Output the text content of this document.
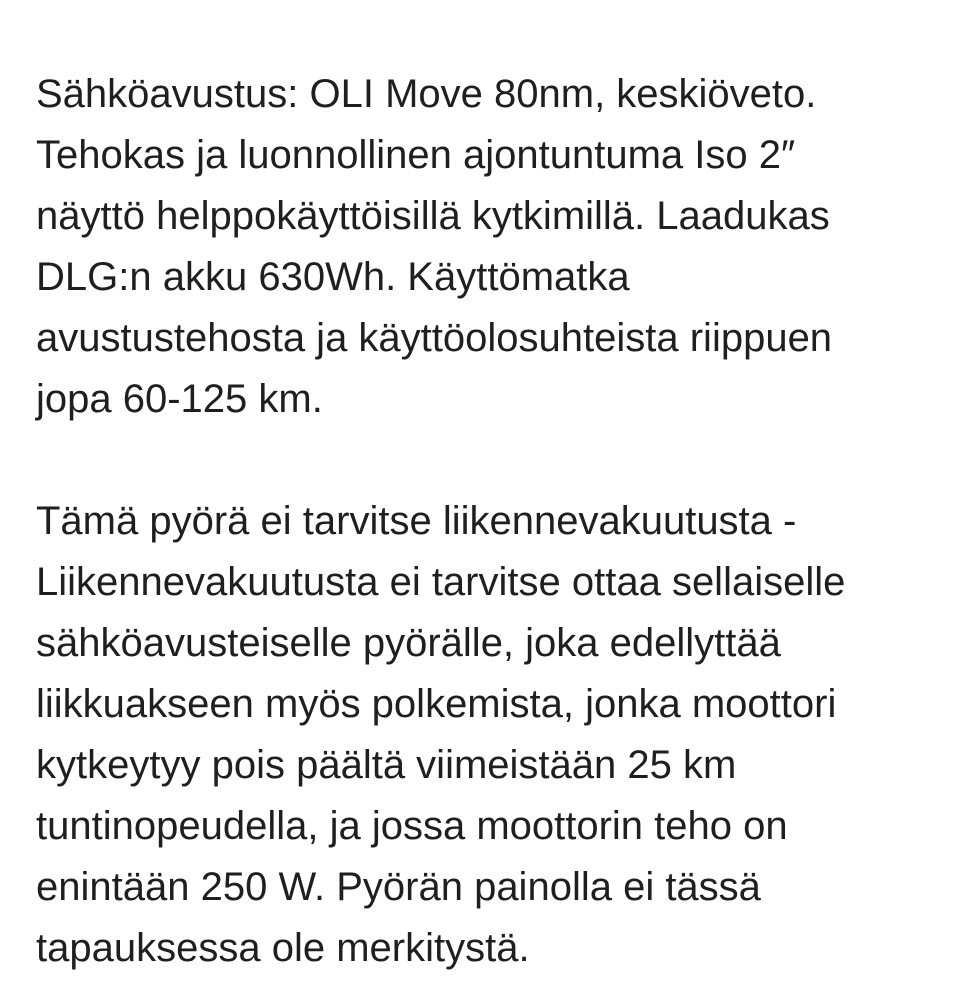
Sähköavustus: OLI Move 80nm, keskiöveto.
Tehokas ja luonnollinen ajontuntuma Iso 2″
näyttö helppokäyttöisillä kytkimillä. Laadukas
DLG:n akku 630Wh. Käyttömatka
avustustehosta ja käyttöolosuhteista riippuen
jopa 60-125 km.

Tämä pyörä ei tarvitse liikennevakuutusta -
Liikennevakuutusta ei tarvitse ottaa sellaiselle
sähköavusteiselle pyörälle, joka edellyttää
liikkuakseen myös polkemista, jonka moottori
kytkeytyy pois päältä viimeistään 25 km
tuntinopeudella, ja jossa moottorin teho on
enintään 250 W. Pyörän painolla ei tässä
tapauksessa ole merkitystä.
